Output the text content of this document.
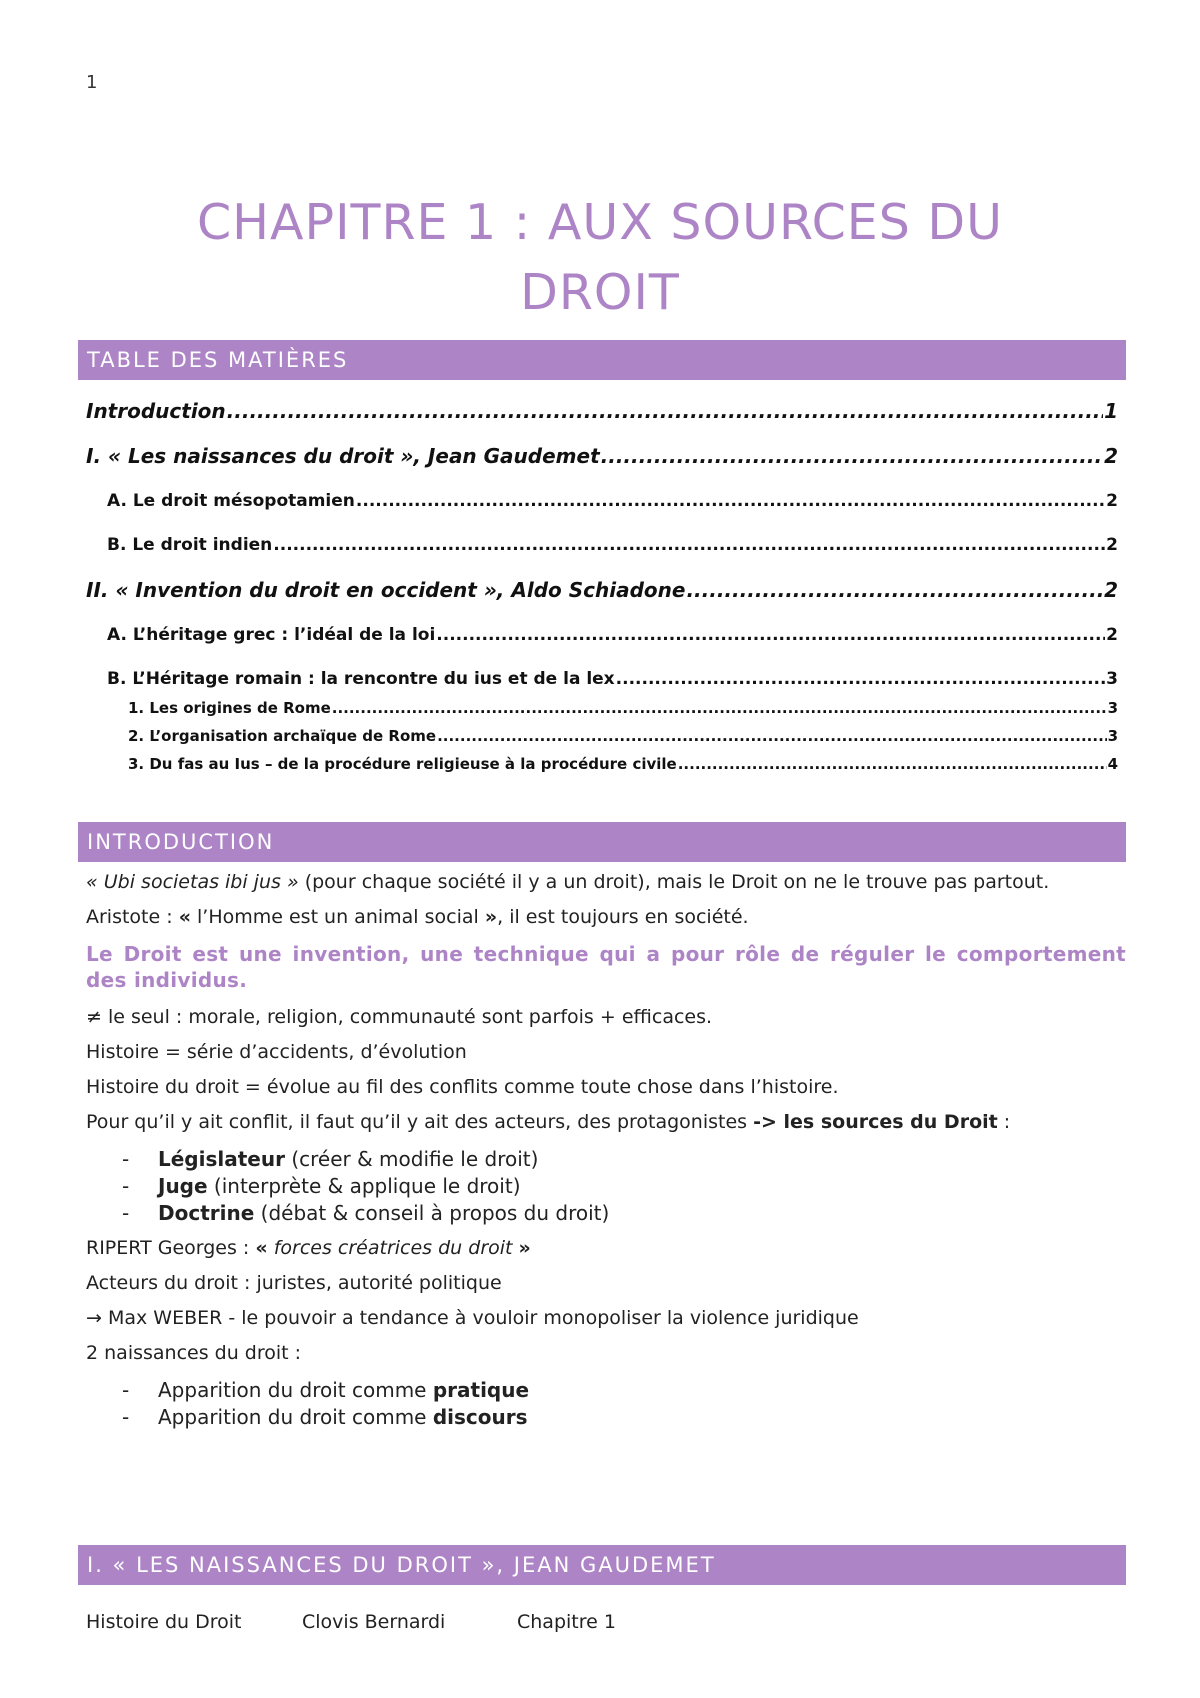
1
CHAPITRE 1 : AUX SOURCES DU
DROIT
TABLE DES MATIÈRES
Introduction .....	1
I. « Les naissances du droit », Jean Gaudemet .....	2
A. Le droit mésopotamien .....	2
B. Le droit indien .....	2
II. « Invention du droit en occident », Aldo Schiadone .....	2
A. L’héritage grec : l’idéal de la loi .....	2
B. L’Héritage romain : la rencontre du ius et de la lex .....	3
1. Les origines de Rome .....	3
2. L’organisation archaïque de Rome .....	3
3. Du fas au Ius – de la procédure religieuse à la procédure civile .....	4
INTRODUCTION
« Ubi societas ibi jus » (pour chaque société il y a un droit), mais le Droit on ne le trouve pas partout.
Aristote : « l’Homme est un animal social », il est toujours en société.
Le Droit est une invention, une technique qui a pour rôle de réguler le comportement des individus.
≠ le seul : morale, religion, communauté sont parfois + efficaces.
Histoire = série d’accidents, d’évolution
Histoire du droit = évolue au fil des conflits comme toute chose dans l’histoire.
Pour qu’il y ait conflit, il faut qu’il y ait des acteurs, des protagonistes -> les sources du Droit :
- Législateur (créer & modifie le droit)
- Juge (interprète & applique le droit)
- Doctrine (débat & conseil à propos du droit)
RIPERT Georges : « forces créatrices du droit »
Acteurs du droit : juristes, autorité politique
→ Max WEBER - le pouvoir a tendance à vouloir monopoliser la violence juridique
2 naissances du droit :
- Apparition du droit comme pratique
- Apparition du droit comme discours
I. « LES NAISSANCES DU DROIT », JEAN GAUDEMET
Histoire du Droit	Clovis Bernardi	Chapitre 1
